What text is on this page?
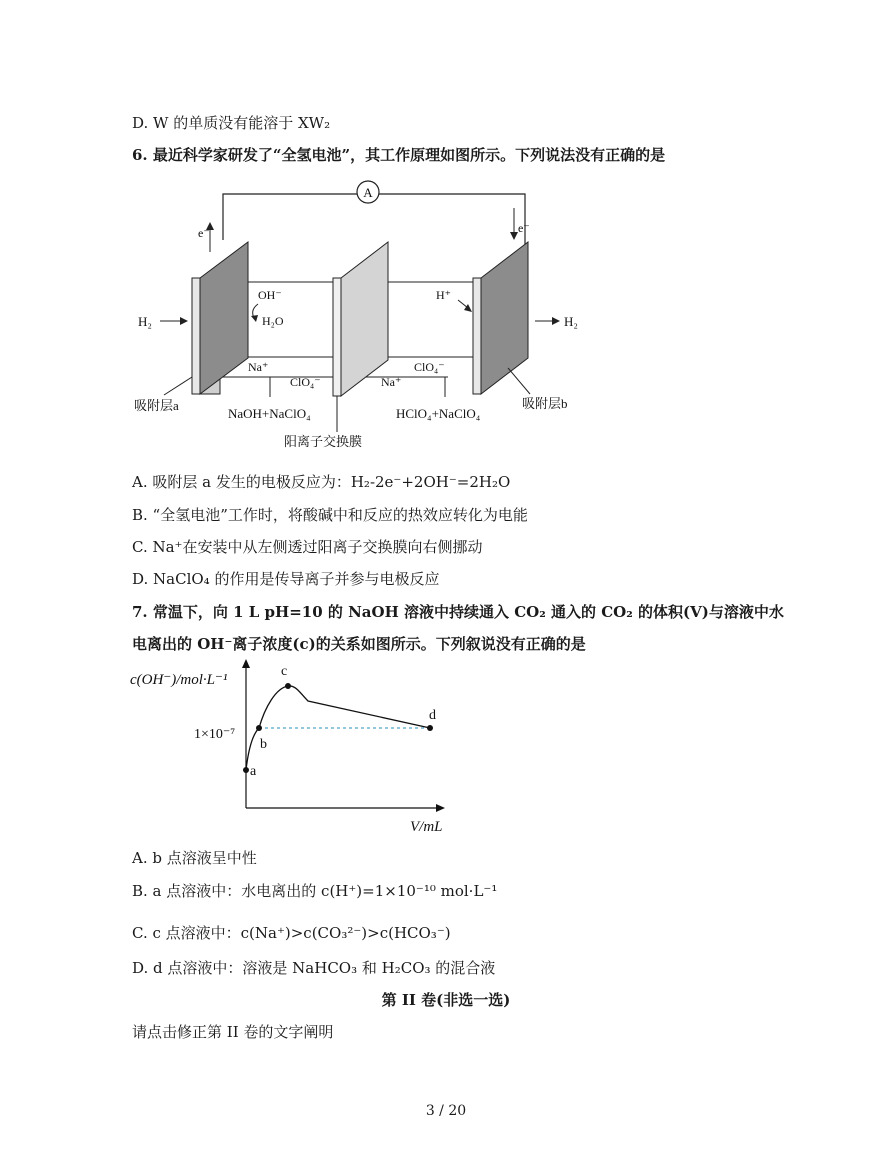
D. W 的单质没有能溶于 XW₂
6. 最近科学家研发了“全氢电池”，其工作原理如图所示。下列说法没有正确的是
A
e⁻	e⁻
H₂	H₂
OH⁻
H₂O
Na⁺
ClO₄⁻
H⁺
Na⁺
ClO₄⁻
NaOH+NaClO₄	HClO₄+NaClO₄
吸附层a	吸附层b
阳离子交换膜
A. 吸附层 a 发生的电极反应为：H₂-2e⁻+2OH⁻=2H₂O
B. “全氢电池”工作时，将酸碱中和反应的热效应转化为电能
C. Na⁺在安装中从左侧透过阳离子交换膜向右侧挪动
D. NaClO₄ 的作用是传导离子并参与电极反应
7. 常温下，向 1 L pH=10 的 NaOH 溶液中持续通入 CO₂ 通入的 CO₂ 的体积(V)与溶液中水
电离出的 OH⁻离子浓度(c)的关系如图所示。下列叙说没有正确的是
c(OH⁻)/mol·L⁻¹
V/mL
1×10⁻⁷
a
b
c
d
A. b 点溶液呈中性
B. a 点溶液中：水电离出的 c(H⁺)=1×10⁻¹⁰ mol·L⁻¹
C. c 点溶液中：c(Na⁺)>c(CO₃²⁻)>c(HCO₃⁻)
D. d 点溶液中：溶液是 NaHCO₃ 和 H₂CO₃ 的混合液
第 II 卷(非选一选)
请点击修正第 II 卷的文字阐明
3 / 20
